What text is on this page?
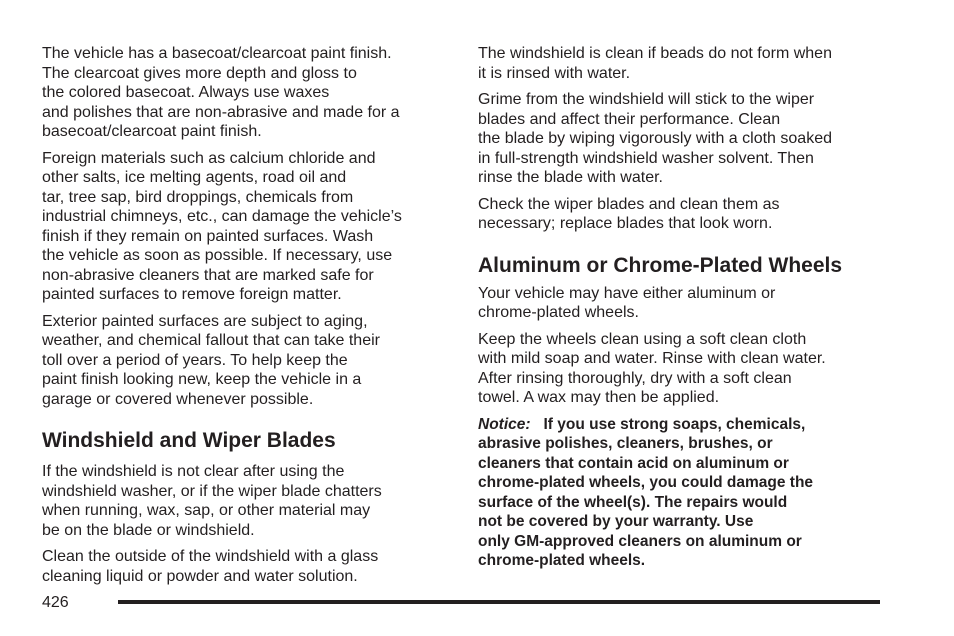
The vehicle has a basecoat/clearcoat paint finish.
The clearcoat gives more depth and gloss to
the colored basecoat. Always use waxes
and polishes that are non-abrasive and made for a
basecoat/clearcoat paint finish.
Foreign materials such as calcium chloride and
other salts, ice melting agents, road oil and
tar, tree sap, bird droppings, chemicals from
industrial chimneys, etc., can damage the vehicle’s
finish if they remain on painted surfaces. Wash
the vehicle as soon as possible. If necessary, use
non-abrasive cleaners that are marked safe for
painted surfaces to remove foreign matter.
Exterior painted surfaces are subject to aging,
weather, and chemical fallout that can take their
toll over a period of years. To help keep the
paint finish looking new, keep the vehicle in a
garage or covered whenever possible.
Windshield and Wiper Blades
If the windshield is not clear after using the
windshield washer, or if the wiper blade chatters
when running, wax, sap, or other material may
be on the blade or windshield.
Clean the outside of the windshield with a glass
cleaning liquid or powder and water solution.
The windshield is clean if beads do not form when
it is rinsed with water.
Grime from the windshield will stick to the wiper
blades and affect their performance. Clean
the blade by wiping vigorously with a cloth soaked
in full-strength windshield washer solvent. Then
rinse the blade with water.
Check the wiper blades and clean them as
necessary; replace blades that look worn.
Aluminum or Chrome-Plated Wheels
Your vehicle may have either aluminum or
chrome-plated wheels.
Keep the wheels clean using a soft clean cloth
with mild soap and water. Rinse with clean water.
After rinsing thoroughly, dry with a soft clean
towel. A wax may then be applied.
Notice: If you use strong soaps, chemicals,
abrasive polishes, cleaners, brushes, or
cleaners that contain acid on aluminum or
chrome-plated wheels, you could damage the
surface of the wheel(s). The repairs would
not be covered by your warranty. Use
only GM-approved cleaners on aluminum or
chrome-plated wheels.
426
